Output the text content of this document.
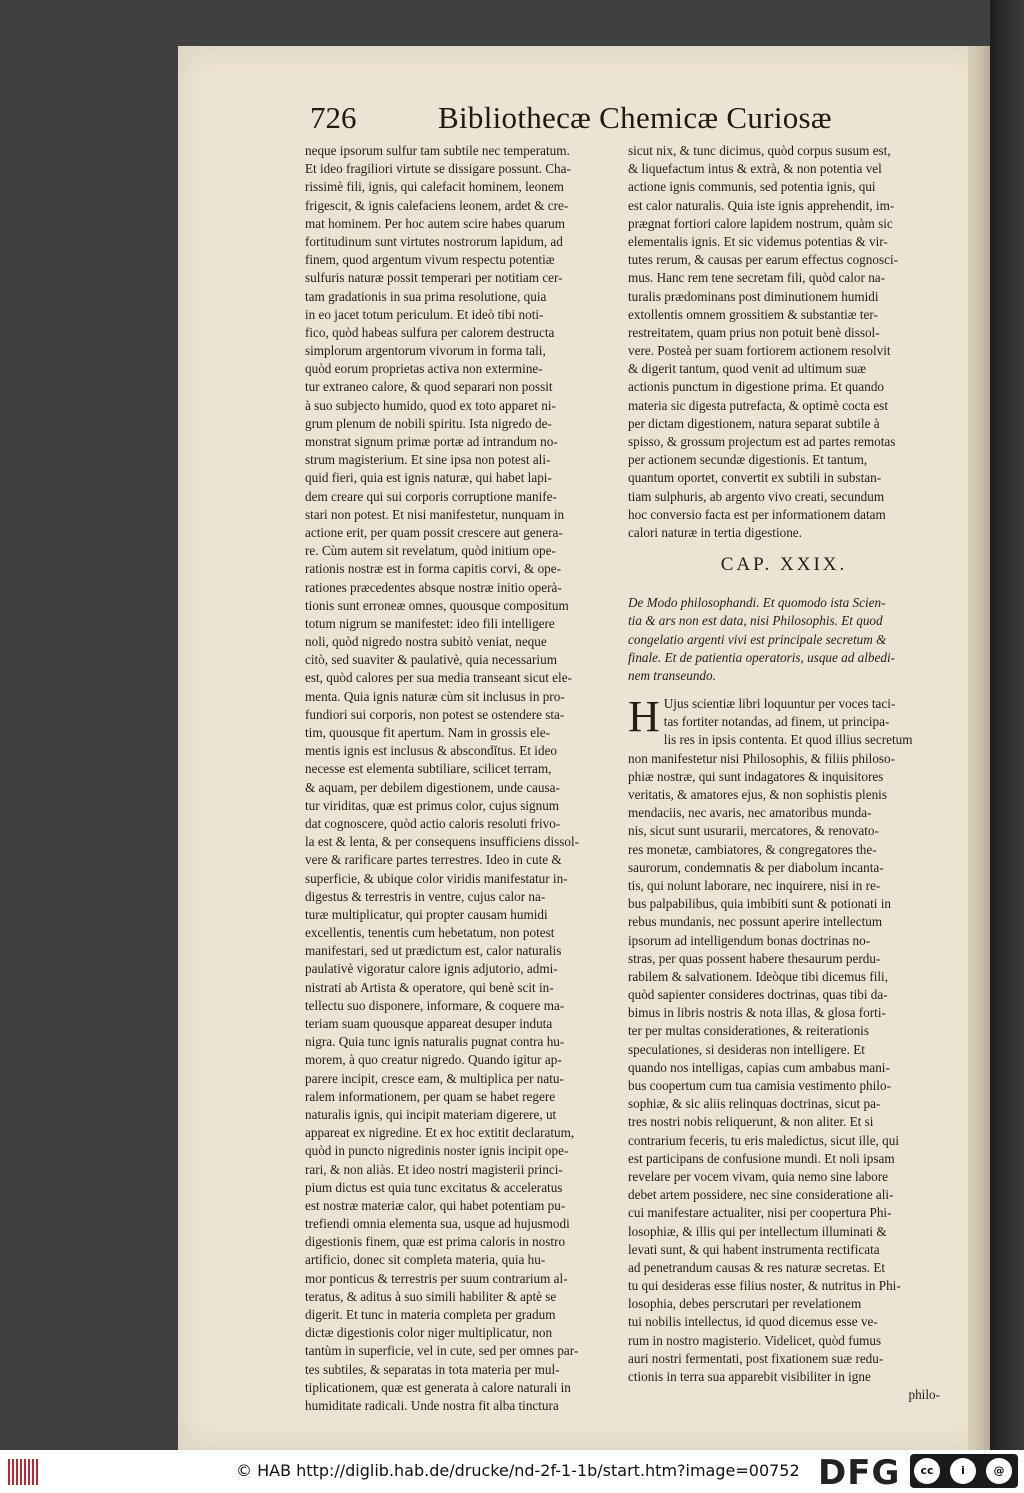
726	Bibliothecæ Chemicæ Curiosæ
neque ipsorum sulfur tam subtile nec temperatum.
Et ideo fragiliori virtute se dissigare possunt. Cha-
rissimè fili, ignis, qui calefacit hominem, leonem
frigescit, & ignis calefaciens leonem, ardet & cre-
mat hominem. Per hoc autem scire habes quarum
fortitudinum sunt virtutes nostrorum lapidum, ad
finem, quod argentum vivum respectu potentiæ
sulfuris naturæ possit temperari per notitiam cer-
tam gradationis in sua prima resolutione, quia
in eo jacet totum periculum. Et ideò tibi noti-
fico, quòd habeas sulfura per calorem destructa
simplorum argentorum vivorum in forma tali,
quòd eorum proprietas activa non extermine-
tur extraneo calore, & quod separari non possit
à suo subjecto humido, quod ex toto apparet ni-
grum plenum de nobili spiritu. Ista nigredo de-
monstrat signum primæ portæ ad intrandum no-
strum magisterium. Et sine ipsa non potest ali-
quid fieri, quia est ignis naturæ, qui habet lapi-
dem creare qui sui corporis corruptione manife-
stari non potest. Et nisi manifestetur, nunquam in
actione erit, per quam possit crescere aut genera-
re. Cùm autem sit revelatum, quòd initium ope-
rationis nostræ est in forma capitis corvi, & ope-
rationes præcedentes absque nostræ initio operà-
tionis sunt erroneæ omnes, quousque compositum
totum nigrum se manifestet: ideo fili intelligere
noli, quòd nigredo nostra subitò veniat, neque
citò, sed suaviter & paulativè, quia necessarium
est, quòd calores per sua media transeant sicut ele-
menta. Quia ignis naturæ cùm sit inclusus in pro-
fundiori sui corporis, non potest se ostendere sta-
tim, quousque fit apertum. Nam in grossis ele-
mentis ignis est inclusus & abscondĭtus. Et ideo
necesse est elementa subtiliare, scilicet terram,
& aquam, per debilem digestionem, unde causa-
tur viriditas, quæ est primus color, cujus signum
dat cognoscere, quòd actio caloris resoluti frivo-
la est & lenta, & per consequens insufficiens dissol-
vere & rarificare partes terrestres. Ideo in cute &
superficie, & ubique color viridis manifestatur in-
digestus & terrestris in ventre, cujus calor na-
turæ multiplicatur, qui propter causam humidi
excellentis, tenentis cum hebetatum, non potest
manifestari, sed ut prædictum est, calor naturalis
paulativè vigoratur calore ignis adjutorio, admi-
nistrati ab Artista & operatore, qui benè scit in-
tellectu suo disponere, informare, & coquere ma-
teriam suam quousque appareat desuper induta
nigra. Quia tunc ignis naturalis pugnat contra hu-
morem, à quo creatur nigredo. Quando igitur ap-
parere incipit, cresce eam, & multiplica per natu-
ralem informationem, per quam se habet regere
naturalis ignis, qui incipit materiam digerere, ut
appareat ex nigredine. Et ex hoc extitit declaratum,
quòd in puncto nigredinis noster ignis incipit ope-
rari, & non aliàs. Et ideo nostri magisterii princi-
pium dictus est quia tunc excitatus & acceleratus
est nostræ materiæ calor, qui habet potentiam pu-
trefiendi omnia elementa sua, usque ad hujusmodi
digestionis finem, quæ est prima caloris in nostro
artificio, donec sit completa materia, quia hu-
mor ponticus & terrestris per suum contrarium al-
teratus, & aditus à suo simili habiliter & aptè se
digerit. Et tunc in materia completa per gradum
dictæ digestionis color niger multiplicatur, non
tantùm in superficie, vel in cute, sed per omnes par-
tes subtiles, & separatas in tota materia per mul-
tiplicationem, quæ est generata à calore naturali in
humiditate radicali. Unde nostra fit alba tinctura
sicut nix, & tunc dicimus, quòd corpus susum est,
& liquefactum intus & extrà, & non potentia vel
actione ignis communis, sed potentia ignis, qui
est calor naturalis. Quia iste ignis apprehendit, im-
prægnat fortiori calore lapidem nostrum, quàm sic
elementalis ignis. Et sic videmus potentias & vir-
tutes rerum, & causas per earum effectus cognosci-
mus. Hanc rem tene secretam fili, quòd calor na-
turalis prædominans post diminutionem humidi
extollentis omnem grossitiem & substantiæ ter-
restreitatem, quam prius non potuit benè dissol-
vere. Posteà per suam fortiorem actionem resolvit
& digerit tantum, quod venit ad ultimum suæ
actionis punctum in digestione prima. Et quando
materia sic digesta putrefacta, & optimè cocta est
per dictam digestionem, natura separat subtile à
spisso, & grossum projectum est ad partes remotas
per actionem secundæ digestionis. Et tantum,
quantum oportet, convertit ex subtili in substan-
tiam sulphuris, ab argento vivo creati, secundum
hoc conversio facta est per informationem datam
calori naturæ in tertia digestione.
CAP. XXIX.
De Modo philosophandi. Et quomodo ista Scien-
tia & ars non est data, nisi Philosophis. Et quod
congelatio argenti vivi est principale secretum &
finale. Et de patientia operatoris, usque ad albedi-
nem transeundo.
H Ujus scientiæ libri loquuntur per voces taci-
tas fortiter notandas, ad finem, ut principa-
lis res in ipsis contenta. Et quod illius secretum
non manifestetur nisi Philosophis, & filiis philoso-
phiæ nostræ, qui sunt indagatores & inquisitores
veritatis, & amatores ejus, & non sophistis plenis
mendaciis, nec avaris, nec amatoribus munda-
nis, sicut sunt usurarii, mercatores, & renovato-
res monetæ, cambiatores, & congregatores the-
saurorum, condemnatis & per diabolum incanta-
tis, qui nolunt laborare, nec inquirere, nisi in re-
bus palpabilibus, quia imbibiti sunt & potionati in
rebus mundanis, nec possunt aperire intellectum
ipsorum ad intelligendum bonas doctrinas no-
stras, per quas possent habere thesaurum perdu-
rabilem & salvationem. Ideòque tibi dicemus fili,
quòd sapienter consideres doctrinas, quas tibi da-
bimus in libris nostris & nota illas, & glosa forti-
ter per multas considerationes, & reiterationis
speculationes, si desideras non intelligere. Et
quando nos intelligas, capias cum ambabus mani-
bus coopertum cum tua camisia vestimento philo-
sophiæ, & sic aliis relinquas doctrinas, sicut pa-
tres nostri nobis reliquerunt, & non aliter. Et si
contrarium feceris, tu eris maledictus, sicut ille, qui
est participans de confusione mundi. Et noli ipsam
revelare per vocem vivam, quia nemo sine labore
debet artem possidere, nec sine consideratione ali-
cui manifestare actualiter, nisi per coopertura Phi-
losophiæ, & illis qui per intellectum illuminati &
levati sunt, & qui habent instrumenta rectificata
ad penetrandum causas & res naturæ secretas. Et
tu qui desideras esse filius noster, & nutritus in Phi-
losophia, debes perscrutari per revelationem
tui nobilis intellectus, id quod dicemus esse ve-
rum in nostro magisterio. Videlicet, quòd fumus
auri nostri fermentati, post fixationem suæ redu-
ctionis in terra sua apparebit visibiliter in igne
philo-
© HAB http://diglib.hab.de/drucke/nd-2f-1-1b/start.htm?image=00752 DFG	cc	i	@
